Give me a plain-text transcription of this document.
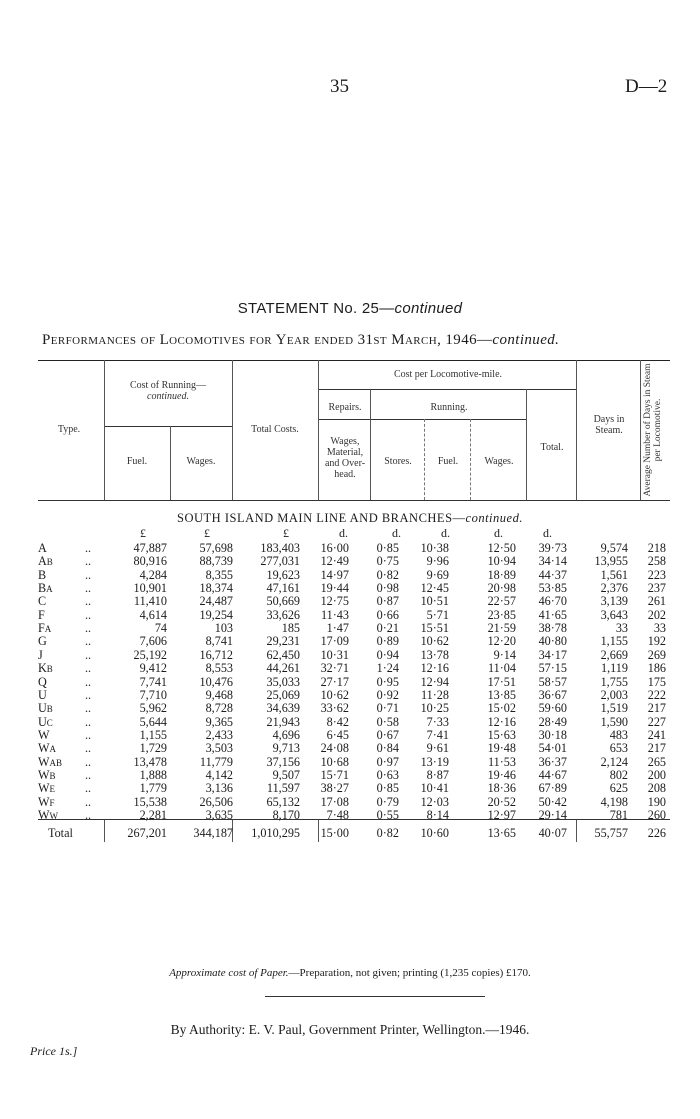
35	D—2
STATEMENT No. 25—continued
Performances of Locomotives for Year ended 31st March, 1946—continued.
Type.
Cost of Running—
continued.
Fuel.	Wages.
Total Costs.
Cost per Locomotive-mile.
Repairs.	Running.
Wages, Material, and Over-head.
Stores.	Fuel.	Wages.
Total.
Days in Steam.	Average Number of Days in Steam per Locomotive.
SOUTH ISLAND MAIN LINE AND BRANCHES—continued.
£	£	£	d.	d.	d.	d.	d.
A	..	47,887	57,698 183,403 16·00 0·85 10·38	12·50 39·73	9,574 218
Ab	..	80,916	88,739 277,031 12·49 0·75 9·96	10·94 34·14 13,955 258
B	..	4,284	8,355	19,623 14·97 0·82 9·69	18·89 44·37	1,561 223
Ba	..	10,901	18,374	47,161 19·44 0·98 12·45	20·98 53·85	2,376 237
C	..	11,410	24,487	50,669 12·75 0·87 10·51	22·57 46·70	3,139 261
F	..	4,614	19,254	33,626 11·43 0·66 5·71	23·85 41·65	3,643 202
Fa	..	74	103	185 1·47 0·21 15·51	21·59 38·78	33 33
G	..	7,606	8,741	29,231 17·09 0·89 10·62	12·20 40·80	1,155 192
J	..	25,192	16,712	62,450 10·31 0·94 13·78	9·14 34·17	2,669 269
Kb	..	9,412	8,553	44,261 32·71 1·24 12·16	11·04 57·15	1,119 186
Q	..	7,741	10,476	35,033 27·17 0·95 12·94	17·51 58·57	1,755 175
U	..	7,710	9,468	25,069 10·62 0·92 11·28	13·85 36·67	2,003 222
Ub	..	5,962	8,728	34,639 33·62 0·71 10·25	15·02 59·60	1,519 217
Uc	..	5,644	9,365	21,943 8·42 0·58 7·33	12·16 28·49	1,590 227
W	..	1,155	2,433	4,696 6·45 0·67 7·41	15·63 30·18	483 241
Wa ..	1,729	3,503	9,713 24·08 0·84 9·61	19·48 54·01	653 217
Wab ..	13,478	11,779	37,156 10·68 0·97 13·19	11·53 36·37	2,124 265
Wb ..	1,888	4,142	9,507 15·71 0·63 8·87	19·46 44·67	802 200
We ..	1,779	3,136	11,597 38·27 0·85 10·41	18·36 67·89	625 208
Wf ..	15,538	26,506	65,132 17·08 0·79 12·03	20·52 50·42	4,198 190
Ww ..	2,281	3,635	8,170 7·48 0·55 8·14	12·97 29·14	781 260
Total	267,201 344,187 1,010,295 15·00 0·82 10·60	13·65 40·07 55,757 226
Approximate cost of Paper.—Preparation, not given; printing (1,235 copies) £170.
By Authority: E. V. Paul, Government Printer, Wellington.—1946.
Price 1s.]
